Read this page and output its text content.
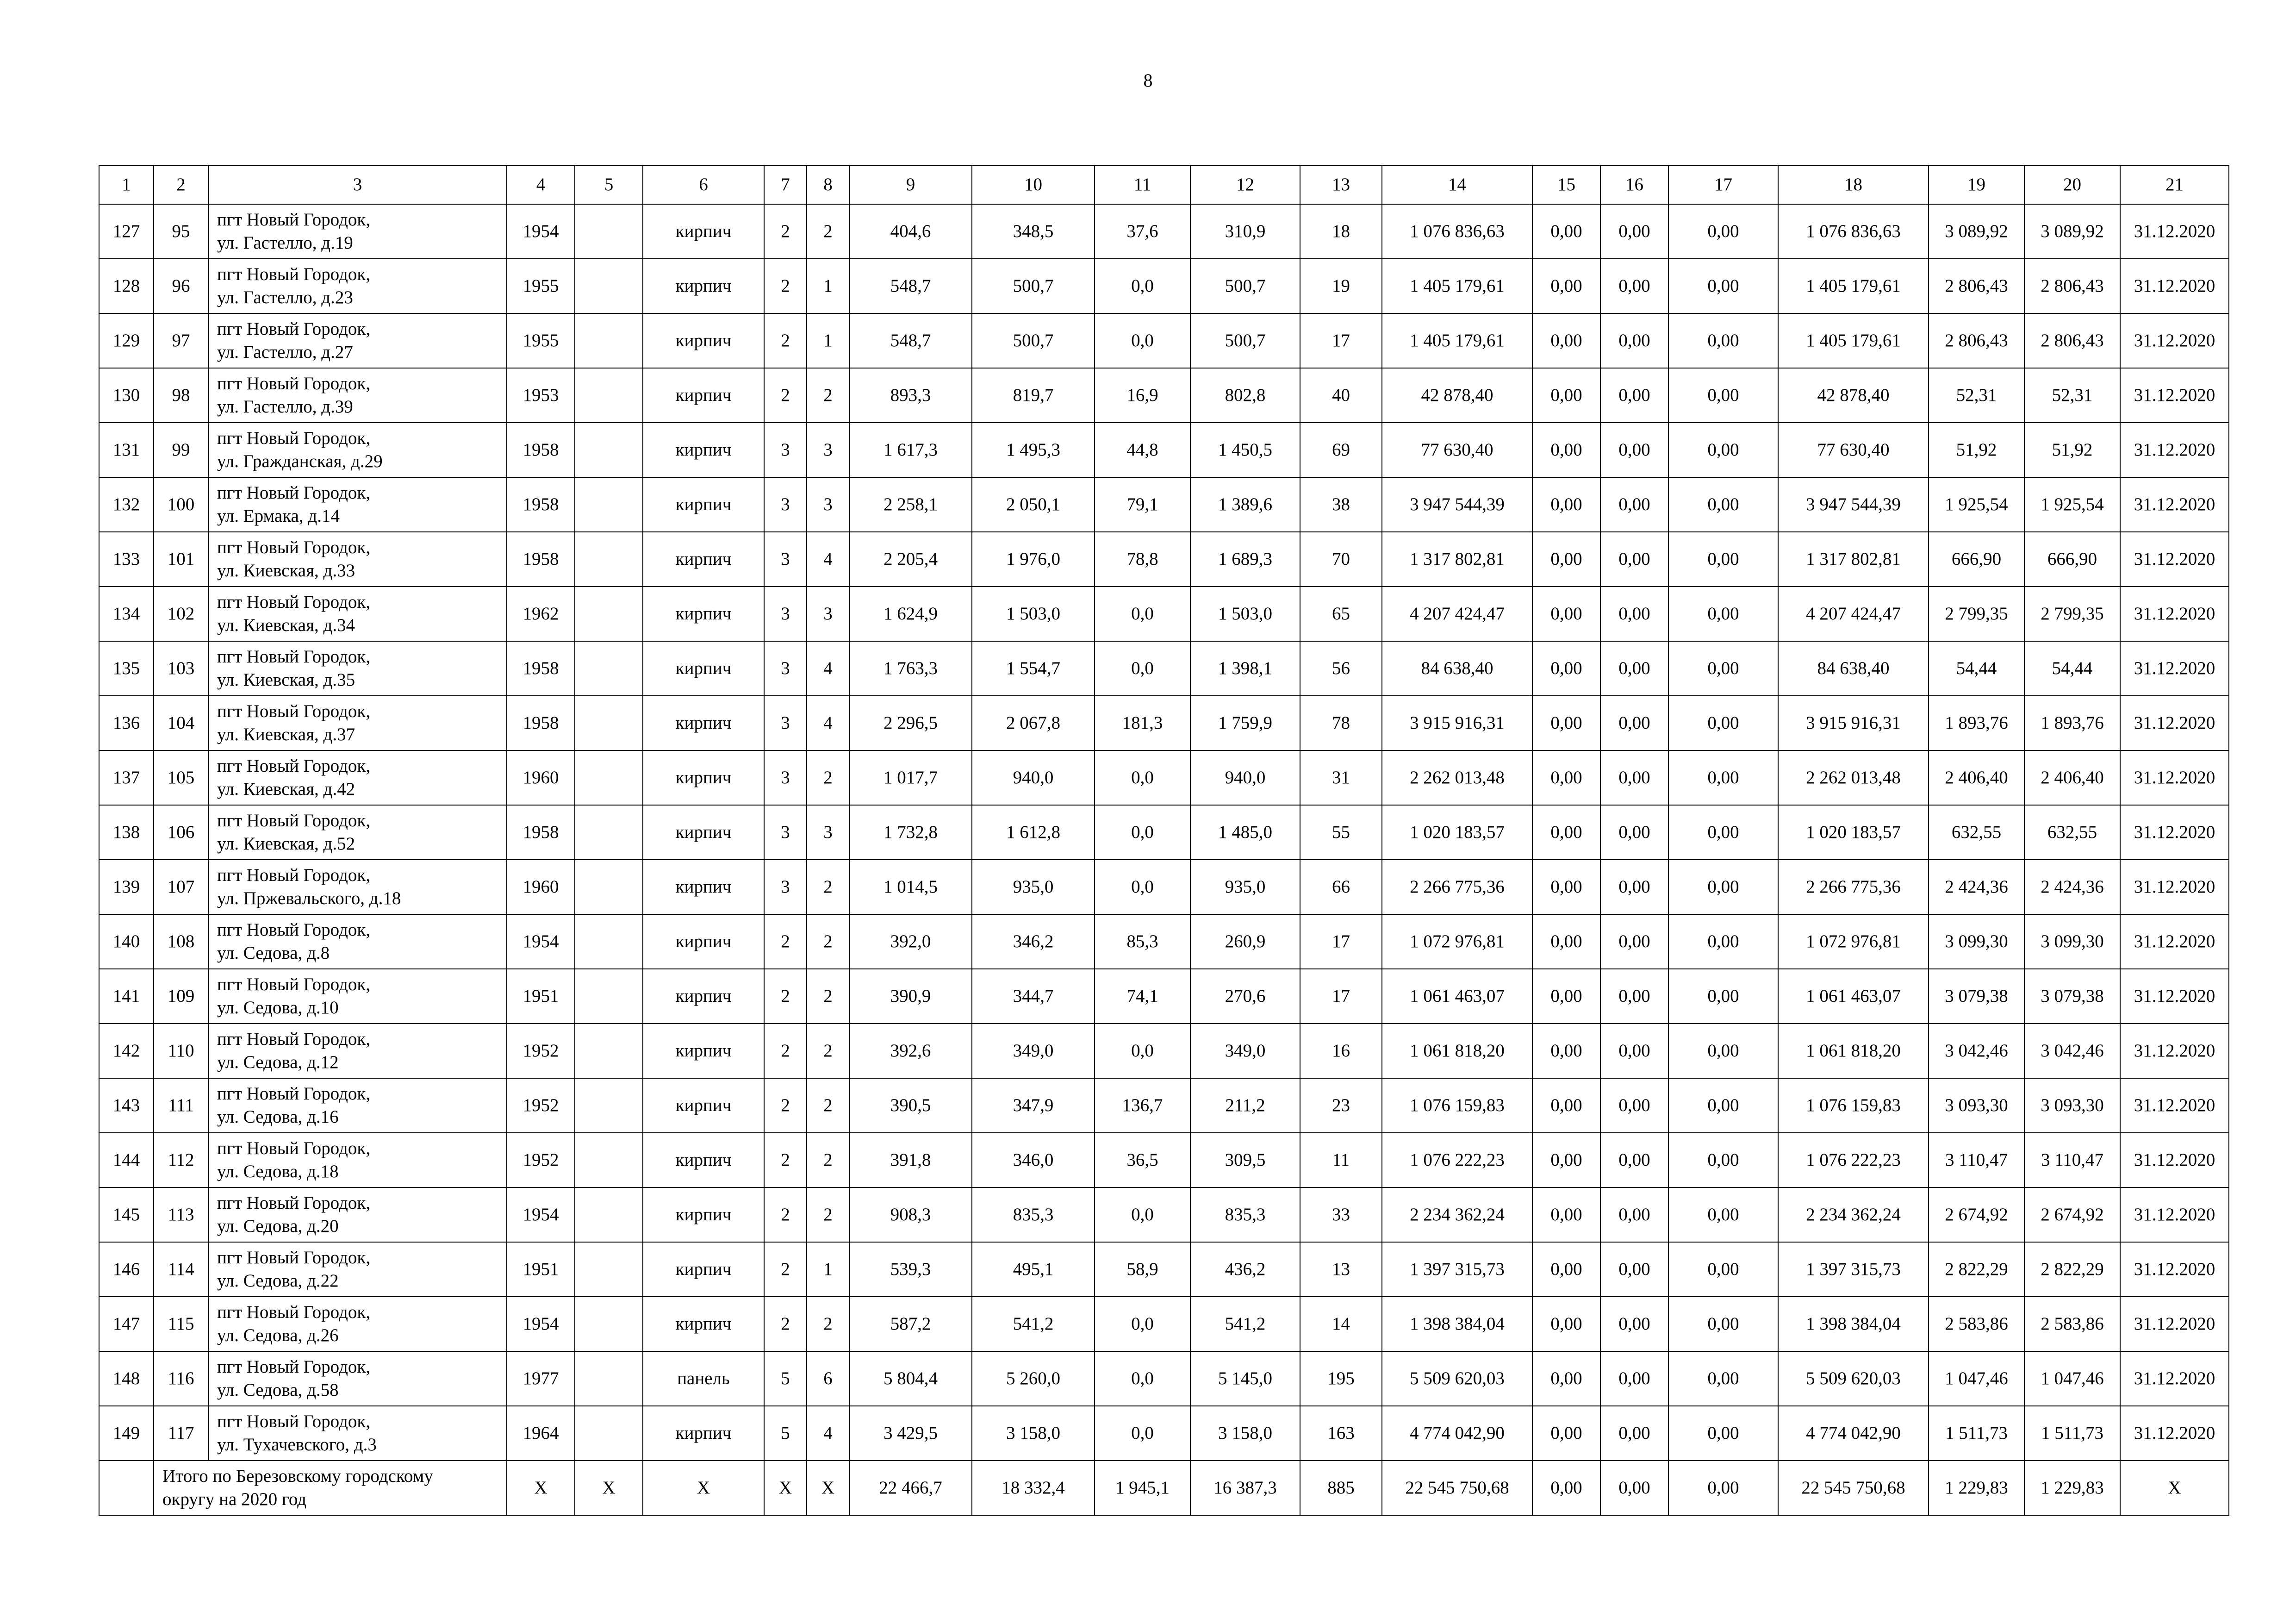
8
1	2	3	4	5	6	7	8	9	10	11	12	13	14	15	16	17	18	19	20	21
127	95	пгт Новый Городок,
ул. Гастелло, д.19	1954		кирпич	2	2	404,6	348,5	37,6	310,9	18	1 076 836,63	0,00	0,00	0,00	1 076 836,63	3 089,92	3 089,92	31.12.2020
128	96	пгт Новый Городок,
ул. Гастелло, д.23	1955		кирпич	2	1	548,7	500,7	0,0	500,7	19	1 405 179,61	0,00	0,00	0,00	1 405 179,61	2 806,43	2 806,43	31.12.2020
129	97	пгт Новый Городок,
ул. Гастелло, д.27	1955		кирпич	2	1	548,7	500,7	0,0	500,7	17	1 405 179,61	0,00	0,00	0,00	1 405 179,61	2 806,43	2 806,43	31.12.2020
130	98	пгт Новый Городок,
ул. Гастелло, д.39	1953		кирпич	2	2	893,3	819,7	16,9	802,8	40	42 878,40	0,00	0,00	0,00	42 878,40	52,31	52,31	31.12.2020
131	99	пгт Новый Городок,
ул. Гражданская, д.29	1958		кирпич	3	3	1 617,3	1 495,3	44,8	1 450,5	69	77 630,40	0,00	0,00	0,00	77 630,40	51,92	51,92	31.12.2020
132	100	пгт Новый Городок,
ул. Ермака, д.14	1958		кирпич	3	3	2 258,1	2 050,1	79,1	1 389,6	38	3 947 544,39	0,00	0,00	0,00	3 947 544,39	1 925,54	1 925,54	31.12.2020
133	101	пгт Новый Городок,
ул. Киевская, д.33	1958		кирпич	3	4	2 205,4	1 976,0	78,8	1 689,3	70	1 317 802,81	0,00	0,00	0,00	1 317 802,81	666,90	666,90	31.12.2020
134	102	пгт Новый Городок,
ул. Киевская, д.34	1962		кирпич	3	3	1 624,9	1 503,0	0,0	1 503,0	65	4 207 424,47	0,00	0,00	0,00	4 207 424,47	2 799,35	2 799,35	31.12.2020
135	103	пгт Новый Городок,
ул. Киевская, д.35	1958		кирпич	3	4	1 763,3	1 554,7	0,0	1 398,1	56	84 638,40	0,00	0,00	0,00	84 638,40	54,44	54,44	31.12.2020
136	104	пгт Новый Городок,
ул. Киевская, д.37	1958		кирпич	3	4	2 296,5	2 067,8	181,3	1 759,9	78	3 915 916,31	0,00	0,00	0,00	3 915 916,31	1 893,76	1 893,76	31.12.2020
137	105	пгт Новый Городок,
ул. Киевская, д.42	1960		кирпич	3	2	1 017,7	940,0	0,0	940,0	31	2 262 013,48	0,00	0,00	0,00	2 262 013,48	2 406,40	2 406,40	31.12.2020
138	106	пгт Новый Городок,
ул. Киевская, д.52	1958		кирпич	3	3	1 732,8	1 612,8	0,0	1 485,0	55	1 020 183,57	0,00	0,00	0,00	1 020 183,57	632,55	632,55	31.12.2020
139	107	пгт Новый Городок,
ул. Пржевальского, д.18	1960		кирпич	3	2	1 014,5	935,0	0,0	935,0	66	2 266 775,36	0,00	0,00	0,00	2 266 775,36	2 424,36	2 424,36	31.12.2020
140	108	пгт Новый Городок,
ул. Седова, д.8	1954		кирпич	2	2	392,0	346,2	85,3	260,9	17	1 072 976,81	0,00	0,00	0,00	1 072 976,81	3 099,30	3 099,30	31.12.2020
141	109	пгт Новый Городок,
ул. Седова, д.10	1951		кирпич	2	2	390,9	344,7	74,1	270,6	17	1 061 463,07	0,00	0,00	0,00	1 061 463,07	3 079,38	3 079,38	31.12.2020
142	110	пгт Новый Городок,
ул. Седова, д.12	1952		кирпич	2	2	392,6	349,0	0,0	349,0	16	1 061 818,20	0,00	0,00	0,00	1 061 818,20	3 042,46	3 042,46	31.12.2020
143	111	пгт Новый Городок,
ул. Седова, д.16	1952		кирпич	2	2	390,5	347,9	136,7	211,2	23	1 076 159,83	0,00	0,00	0,00	1 076 159,83	3 093,30	3 093,30	31.12.2020
144	112	пгт Новый Городок,
ул. Седова, д.18	1952		кирпич	2	2	391,8	346,0	36,5	309,5	11	1 076 222,23	0,00	0,00	0,00	1 076 222,23	3 110,47	3 110,47	31.12.2020
145	113	пгт Новый Городок,
ул. Седова, д.20	1954		кирпич	2	2	908,3	835,3	0,0	835,3	33	2 234 362,24	0,00	0,00	0,00	2 234 362,24	2 674,92	2 674,92	31.12.2020
146	114	пгт Новый Городок,
ул. Седова, д.22	1951		кирпич	2	1	539,3	495,1	58,9	436,2	13	1 397 315,73	0,00	0,00	0,00	1 397 315,73	2 822,29	2 822,29	31.12.2020
147	115	пгт Новый Городок,
ул. Седова, д.26	1954		кирпич	2	2	587,2	541,2	0,0	541,2	14	1 398 384,04	0,00	0,00	0,00	1 398 384,04	2 583,86	2 583,86	31.12.2020
148	116	пгт Новый Городок,
ул. Седова, д.58	1977		панель	5	6	5 804,4	5 260,0	0,0	5 145,0	195	5 509 620,03	0,00	0,00	0,00	5 509 620,03	1 047,46	1 047,46	31.12.2020
149	117	пгт Новый Городок,
ул. Тухачевского, д.3	1964		кирпич	5	4	3 429,5	3 158,0	0,0	3 158,0	163	4 774 042,90	0,00	0,00	0,00	4 774 042,90	1 511,73	1 511,73	31.12.2020

	Итого по Березовскому городскому
округу на 2020 год		Х	Х	Х	Х	Х	22 466,7	18 332,4	1 945,1	16 387,3	885	22 545 750,68	0,00	0,00	0,00	22 545 750,68	1 229,83	1 229,83	Х
